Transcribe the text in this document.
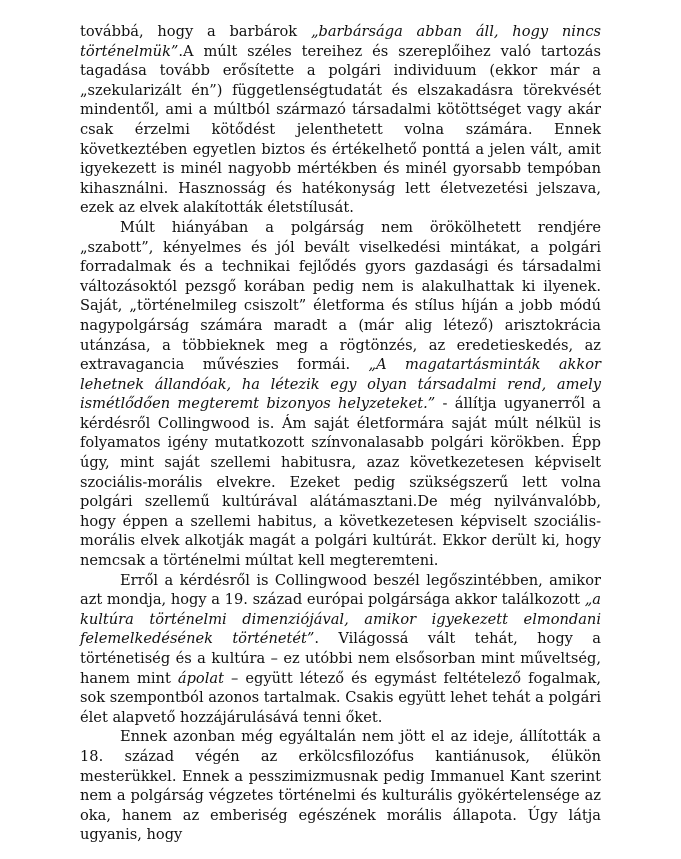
továbbá, hogy a barbárok „barbársága abban áll, hogy nincs történelmük”.A múlt széles tereihez és szereplőihez való tartozás tagadása tovább erősítette a polgári individuum (ekkor már a „szekularizált én”) függetlenségtudatát és elszakadásra törekvését mindentől, ami a múltból származó társadalmi kötöttséget vagy akár csak érzelmi kötődést jelenthetett volna számára. Ennek következtében egyetlen biztos és értékelhető ponttá a jelen vált, amit igyekezett is minél nagyobb mértékben és minél gyorsabb tempóban kihasználni. Hasznosság és hatékonyság lett életvezetési jelszava, ezek az elvek alakították életstílusát.

Múlt hiányában a polgárság nem örökölhetett rendjére „szabott”, kényelmes és jól bevált viselkedési mintákat, a polgári forradalmak és a technikai fejlődés gyors gazdasági és társadalmi változásoktól pezsgő korában pedig nem is alakulhattak ki ilyenek. Saját, „történelmileg csiszolt” életforma és stílus híján a jobb módú nagypolgárság számára maradt a (már alig létező) arisztokrácia utánzása, a többieknek meg a rögtönzés, az eredetieskedés, az extravagancia művészies formái. „A magatartásminták akkor lehetnek állandóak, ha létezik egy olyan társadalmi rend, amely ismétlődően megteremt bizonyos helyzeteket.” - állítja ugyanerről a kérdésről Collingwood is. Ám saját életformára saját múlt nélkül is folyamatos igény mutatkozott színvonalasabb polgári körökben. Épp úgy, mint saját szellemi habitusra, azaz következetesen képviselt szociális-morális elvekre. Ezeket pedig szükségszerű lett volna polgári szellemű kultúrával alátámasztani.De még nyilvánvalóbb, hogy éppen a szellemi habitus, a következetesen képviselt szociális-morális elvek alkotják magát a polgári kultúrát. Ekkor derült ki, hogy nemcsak a történelmi múltat kell megteremteni.

Erről a kérdésről is Collingwood beszél legőszintébben, amikor azt mondja, hogy a 19. század európai polgársága akkor találkozott „a kultúra történelmi dimenziójával, amikor igyekezett elmondani felemelkedésének történetét”. Világossá vált tehát, hogy a történetiség és a kultúra – ez utóbbi nem elsősorban mint műveltség, hanem mint ápolat – együtt létező és egymást feltételező fogalmak, sok szempontból azonos tartalmak. Csakis együtt lehet tehát a polgári élet alapvető hozzájárulásává tenni őket.

Ennek azonban még egyáltalán nem jött el az ideje, állították a 18. század végén az erkölcsfilozófus kantiánusok, élükön mesterükkel. Ennek a pesszimizmusnak pedig Immanuel Kant szerint nem a polgárság végzetes történelmi és kulturális gyökértelensége az oka, hanem az emberiség egészének morális állapota. Úgy látja ugyanis, hogy
